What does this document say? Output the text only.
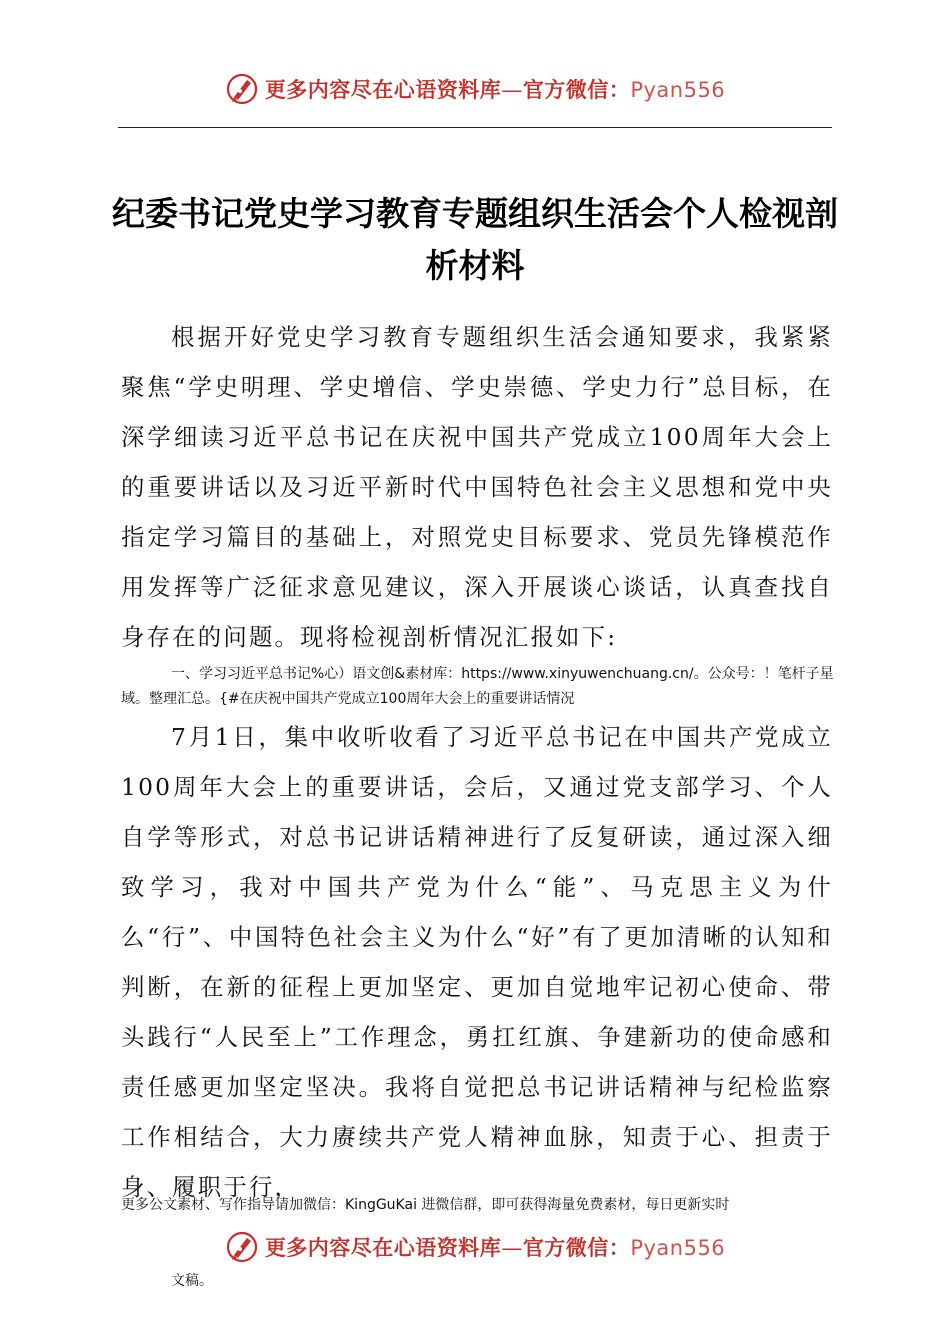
更多内容尽在心语资料库—官方微信：Pyan556
纪委书记党史学习教育专题组织生活会个人检视剖析材料

根据开好党史学习教育专题组织生活会通知要求，我紧紧聚焦“学史明理、学史增信、学史崇德、学史力行”总目标，在深学细读习近平总书记在庆祝中国共产党成立100周年大会上的重要讲话以及习近平新时代中国特色社会主义思想和党中央指定学习篇目的基础上，对照党史目标要求、党员先锋模范作用发挥等广泛征求意见建议，深入开展谈心谈话，认真查找自身存在的问题。现将检视剖析情况汇报如下:

一、学习习近平总书记%心）语文创&素材库：https://www.xinyuwenchuang.cn/。公众号：！笔杆子星域。整理汇总。{#在庆祝中国共产党成立100周年大会上的重要讲话情况

7月1日，集中收听收看了习近平总书记在中国共产党成立100周年大会上的重要讲话，会后，又通过党支部学习、个人自学等形式，对总书记讲话精神进行了反复研读，通过深入细致学习，我对中国共产党为什么“能”、马克思主义为什么“行”、中国特色社会主义为什么“好”有了更加清晰的认知和判断，在新的征程上更加坚定、更加自觉地牢记初心使命、带头践行“人民至上”工作理念，勇扛红旗、争建新功的使命感和责任感更加坚定坚决。我将自觉把总书记讲话精神与纪检监察工作相结合，大力赓续共产党人精神血脉，知责于心、担责于身、履职于行，

更多公文素材、写作指导请加微信：KingGuKai 进微信群，即可获得海量免费素材，每日更新实时
更多内容尽在心语资料库—官方微信：Pyan556
文稿。
